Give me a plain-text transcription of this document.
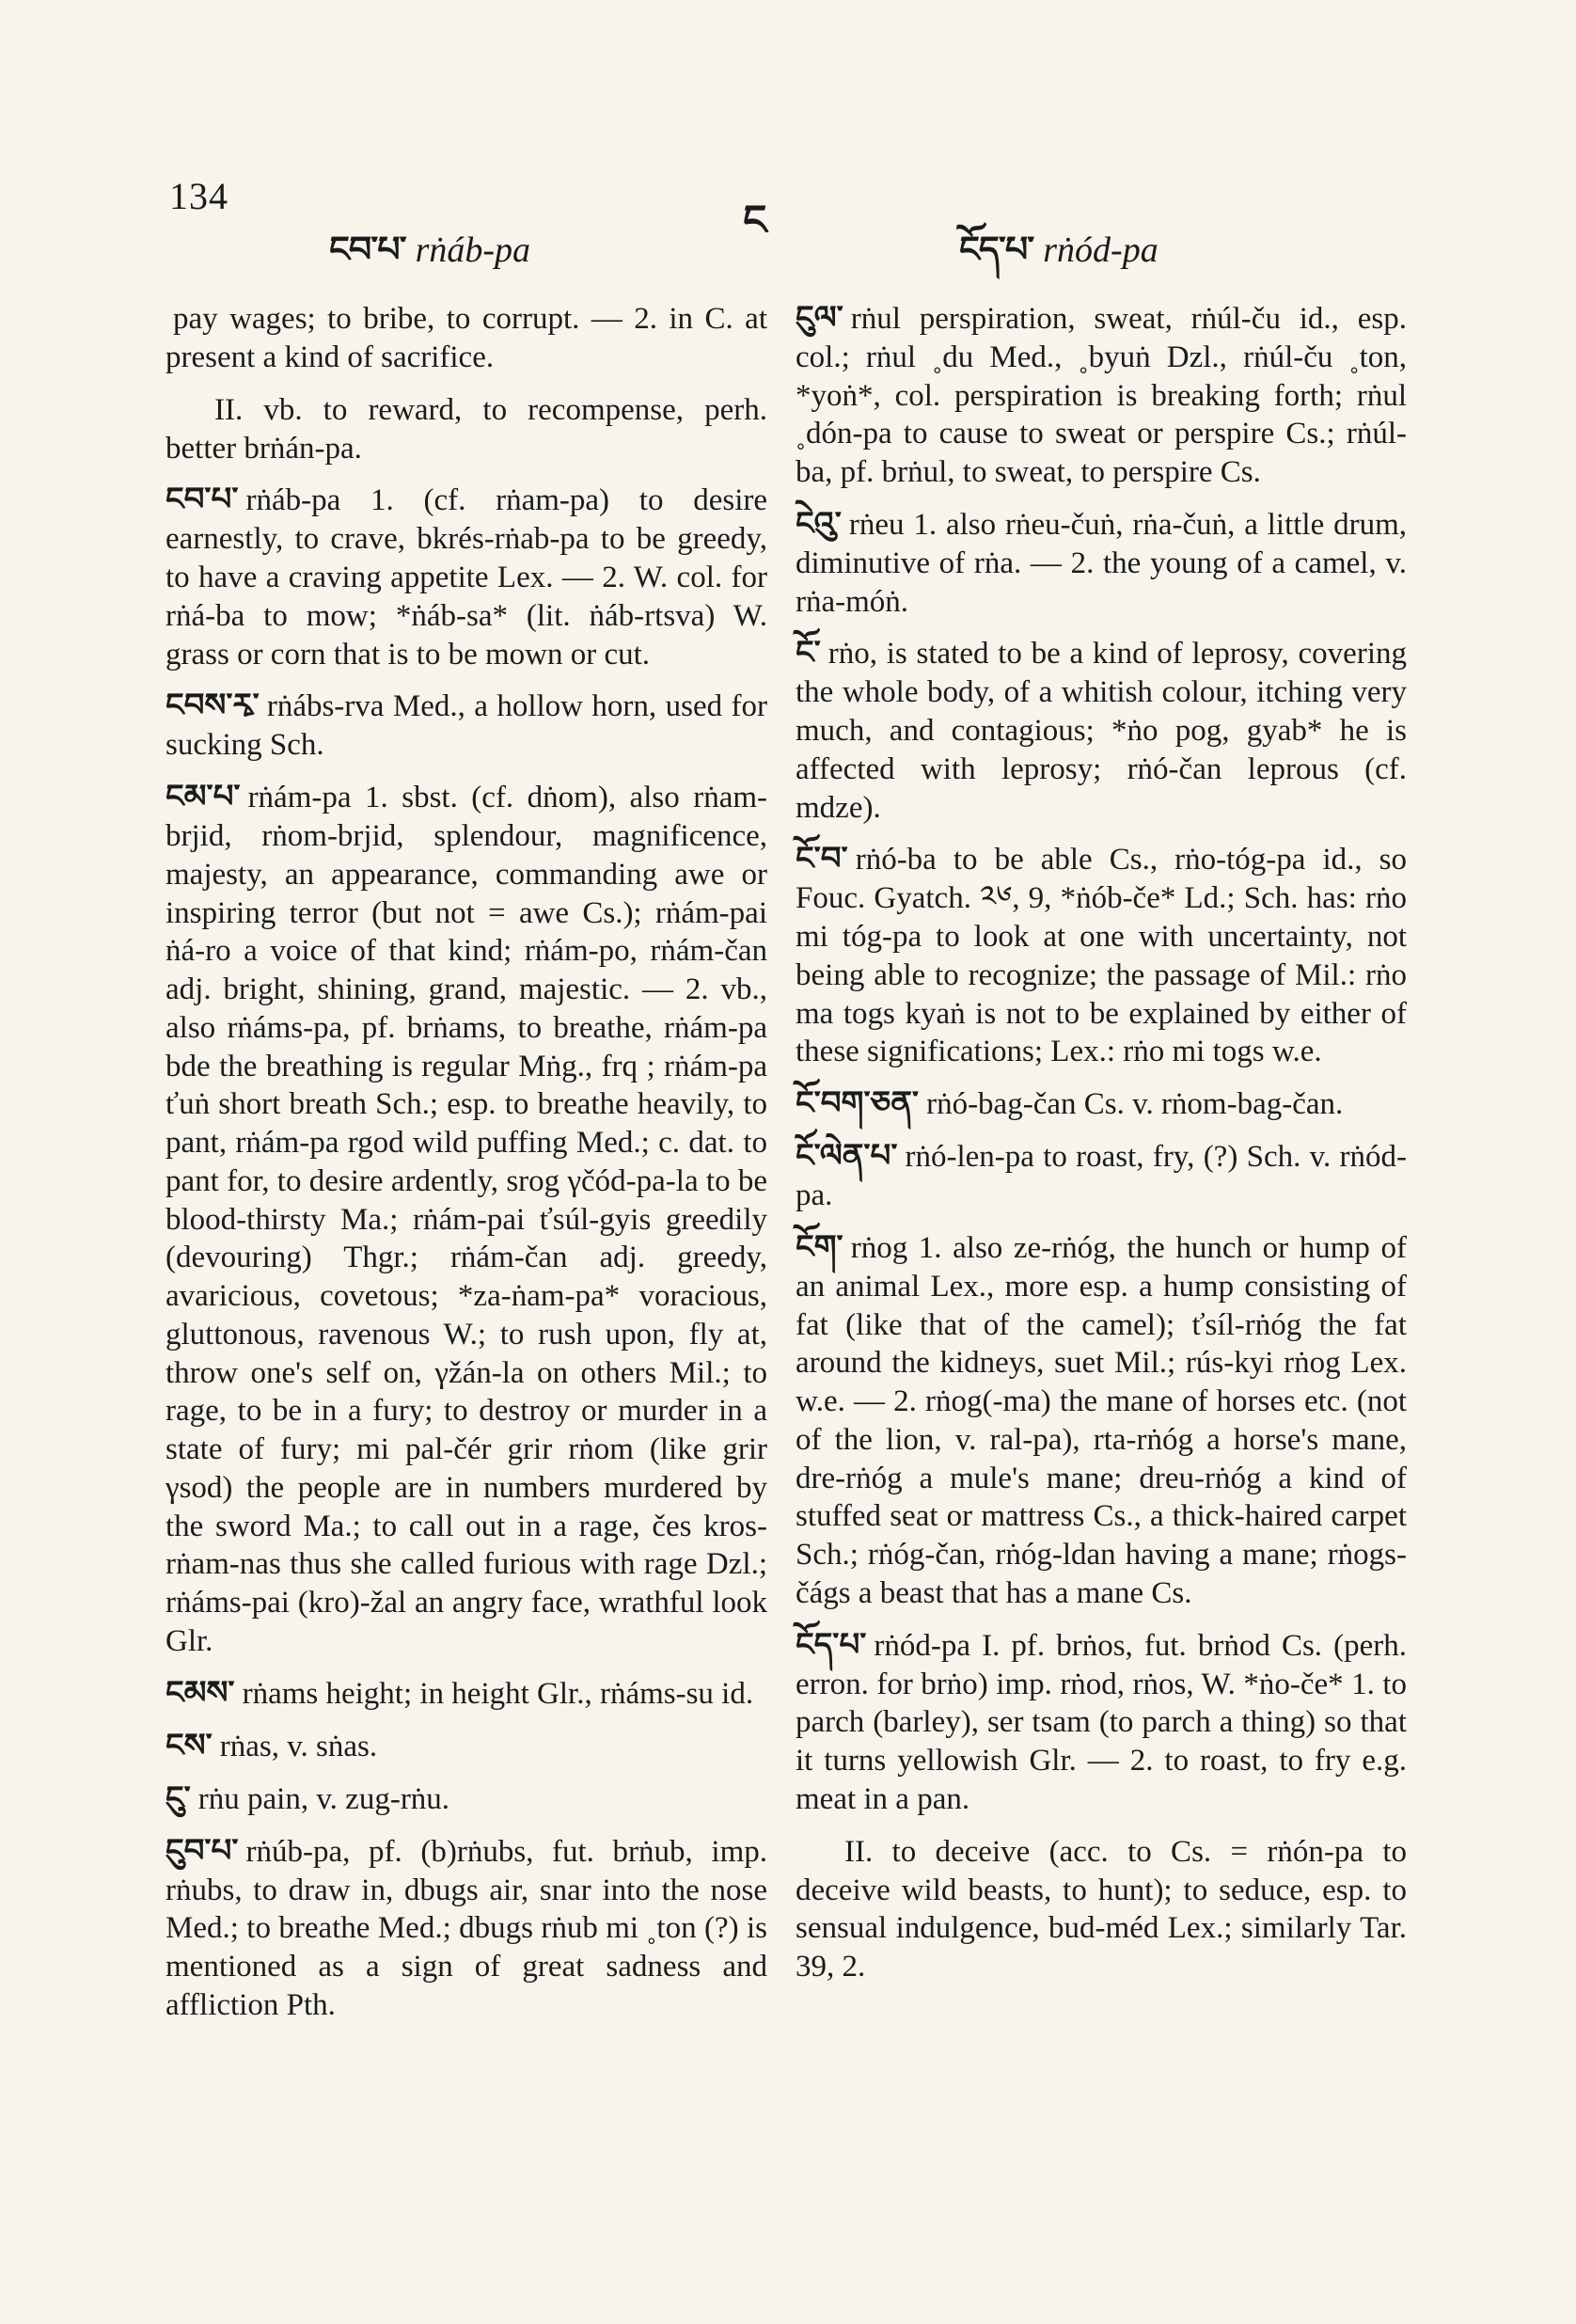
134
ངབ་པ་ rṅáb-pa
ང
ངོད་པ་ rṅód-pa

pay wages; to bribe, to corrupt. — 2. in C. at present a kind of sacrifice.

II. vb. to reward, to recompense, perh. better brṅán-pa.

ངབ་པ་ rṅáb-pa 1. (cf. rṅam-pa) to desire earnestly, to crave, bkrés-rṅab-pa to be greedy, to have a craving appetite Lex. — 2. W. col. for rṅá-ba to mow; *ṅáb-sa* (lit. ṅáb-rtsva) W. grass or corn that is to be mown or cut.

ངབས་རྭ་ rṅábs-rva Med., a hollow horn, used for sucking Sch.

ངམ་པ་ rṅám-pa 1. sbst. (cf. dṅom), also rṅam-brjid, rṅom-brjid, splendour, magnificence, majesty, an appearance, commanding awe or inspiring terror (but not = awe Cs.); rṅám-pai ṅá-ro a voice of that kind; rṅám-po, rṅám-čan adj. bright, shining, grand, majestic. — 2. vb., also rṅáms-pa, pf. brṅams, to breathe, rṅám-pa bde the breathing is regular Mṅg., frq ; rṅám-pa ťuṅ short breath Sch.; esp. to breathe heavily, to pant, rṅám-pa rgod wild puffing Med.; c. dat. to pant for, to desire ardently, srog γčód-pa-la to be blood-thirsty Ma.; rṅám-pai ťsúl-gyis greedily (devouring) Thgr.; rṅám-čan adj. greedy, avaricious, covetous; *za-ṅam-pa* voracious, gluttonous, ravenous W.; to rush upon, fly at, throw one's self on, γžán-la on others Mil.; to rage, to be in a fury; to destroy or murder in a state of fury; mi pal-čér grir rṅom (like grir γsod) the people are in numbers murdered by the sword Ma.; to call out in a rage, čes kros-rṅam-nas thus she called furious with rage Dzl.; rṅáms-pai (kro)-žal an angry face, wrathful look Glr.

ངམས་ rṅams height; in height Glr., rṅáms-su id.

ངས་ rṅas, v. sṅas.

ངུ་ rṅu pain, v. zug-rṅu.

ངུབ་པ་ rṅúb-pa, pf. (b)rṅubs, fut. brṅub, imp. rṅubs, to draw in, dbugs air, snar into the nose Med.; to breathe Med.; dbugs rṅub mi ˳ton (?) is mentioned as a sign of great sadness and affliction Pth.

ངུལ་ rṅul perspiration, sweat, rṅúl-ču id., esp. col.; rṅul ˳du Med., ˳byuṅ Dzl., rṅúl-ču ˳ton, *yoṅ*, col. perspiration is breaking forth; rṅul ˳dón-pa to cause to sweat or perspire Cs.; rṅúl-ba, pf. brṅul, to sweat, to perspire Cs.

ངེའུ་ rṅeu 1. also rṅeu-čuṅ, rṅa-čuṅ, a little drum, diminutive of rṅa. — 2. the young of a camel, v. rṅa-móṅ.

ངོ་ rṅo, is stated to be a kind of leprosy, covering the whole body, of a whitish colour, itching very much, and contagious; *ṅo pog, gyab* he is affected with leprosy; rṅó-čan leprous (cf. mdze).

ངོ་བ་ rṅó-ba to be able Cs., rṅo-tóg-pa id., so Fouc. Gyatch. ༢༦, 9, *ṅób-če* Ld.; Sch. has: rṅo mi tóg-pa to look at one with uncertainty, not being able to recognize; the passage of Mil.: rṅo ma togs kyaṅ is not to be explained by either of these significations; Lex.: rṅo mi togs w.e.

ངོ་བག་ཅན་ rṅó-bag-čan Cs. v. rṅom-bag-čan.

ངོ་ལེན་པ་ rṅó-len-pa to roast, fry, (?) Sch. v. rṅód-pa.

ངོག་ rṅog 1. also ze-rṅóg, the hunch or hump of an animal Lex., more esp. a hump consisting of fat (like that of the camel); ťsíl-rṅóg the fat around the kidneys, suet Mil.; rús-kyi rṅog Lex. w.e. — 2. rṅog(-ma) the mane of horses etc. (not of the lion, v. ral-pa), rta-rṅóg a horse's mane, dre-rṅóg a mule's mane; dreu-rṅóg a kind of stuffed seat or mattress Cs., a thick-haired carpet Sch.; rṅóg-čan, rṅóg-ldan having a mane; rṅogs-čágs a beast that has a mane Cs.

ངོད་པ་ rṅód-pa I. pf. brṅos, fut. brṅod Cs. (perh. erron. for brṅo) imp. rṅod, rṅos, W. *ṅo-če* 1. to parch (barley), ser tsam (to parch a thing) so that it turns yellowish Glr. — 2. to roast, to fry e.g. meat in a pan.

II. to deceive (acc. to Cs. = rṅón-pa to deceive wild beasts, to hunt); to seduce, esp. to sensual indulgence, bud-méd Lex.; similarly Tar. 39, 2.
